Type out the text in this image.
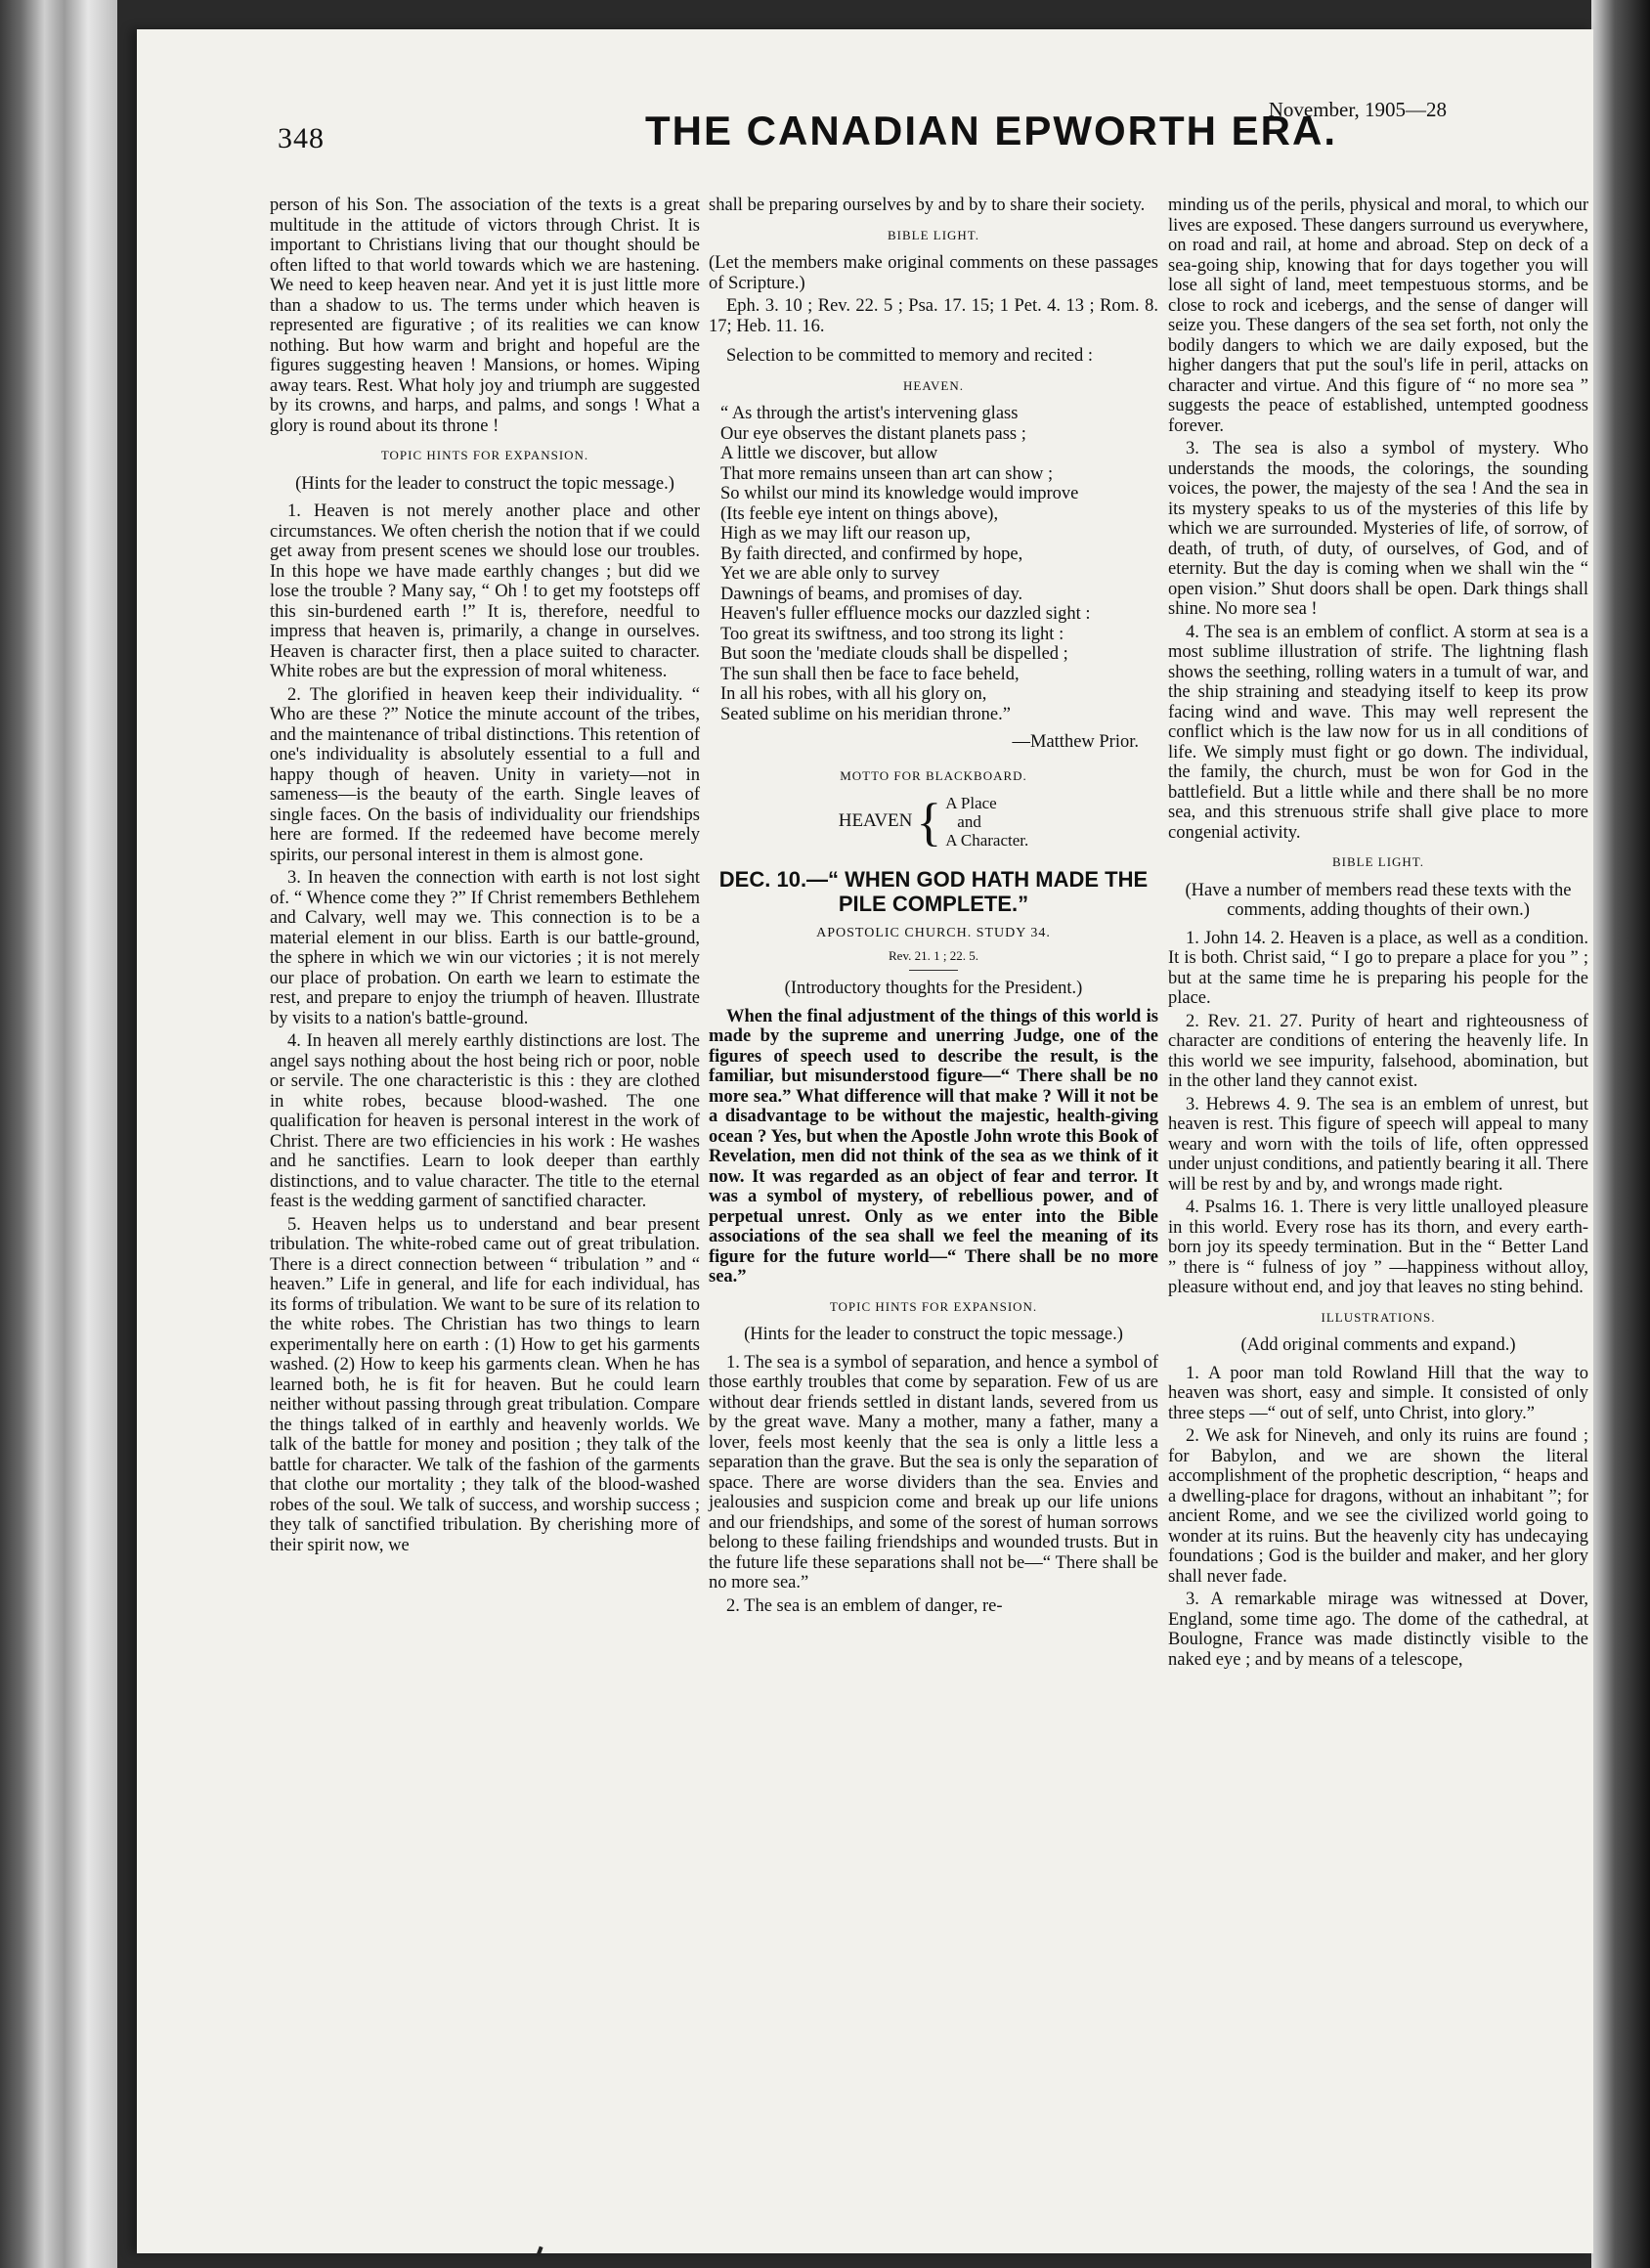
348	THE CANADIAN EPWORTH ERA.
November, 1905—28

person of his Son. The association of the texts is a great multitude in the attitude of victors through Christ. It is important to Christians living that our thought should be often lifted to that world towards which we are hastening. We need to keep heaven near. And yet it is just little more than a shadow to us. The terms under which heaven is represented are figurative ; of its realities we can know nothing. But how warm and bright and hopeful are the figures suggesting heaven ! Mansions, or homes. Wiping away tears. Rest. What holy joy and triumph are suggested by its crowns, and harps, and palms, and songs ! What a glory is round about its throne !

TOPIC HINTS FOR EXPANSION.

(Hints for the leader to construct the topic message.)

1. Heaven is not merely another place and other circumstances. We often cherish the notion that if we could get away from present scenes we should lose our troubles. In this hope we have made earthly changes ; but did we lose the trouble ? Many say, “ Oh ! to get my footsteps off this sin-burdened earth !” It is, therefore, needful to impress that heaven is, primarily, a change in ourselves. Heaven is character first, then a place suited to character. White robes are but the expression of moral whiteness.

2. The glorified in heaven keep their individuality. “ Who are these ?” Notice the minute account of the tribes, and the maintenance of tribal distinctions. This retention of one's individuality is absolutely essential to a full and happy though of heaven. Unity in variety—not in sameness—is the beauty of the earth. Single leaves of single faces. On the basis of individuality our friendships here are formed. If the redeemed have become merely spirits, our personal interest in them is almost gone.

3. In heaven the connection with earth is not lost sight of. “ Whence come they ?” If Christ remembers Bethlehem and Calvary, well may we. This connection is to be a material element in our bliss. Earth is our battle-ground, the sphere in which we win our victories ; it is not merely our place of probation. On earth we learn to estimate the rest, and prepare to enjoy the triumph of heaven. Illustrate by visits to a nation's battle-ground.

4. In heaven all merely earthly distinctions are lost. The angel says nothing about the host being rich or poor, noble or servile. The one characteristic is this : they are clothed in white robes, because blood-washed. The one qualification for heaven is personal interest in the work of Christ. There are two efficiencies in his work : He washes and he sanctifies. Learn to look deeper than earthly distinctions, and to value character. The title to the eternal feast is the wedding garment of sanctified character.

5. Heaven helps us to understand and bear present tribulation. The white-robed came out of great tribulation. There is a direct connection between “ tribulation ” and “ heaven.” Life in general, and life for each individual, has its forms of tribulation. We want to be sure of its relation to the white robes. The Christian has two things to learn experimentally here on earth : (1) How to get his garments washed. (2) How to keep his garments clean. When he has learned both, he is fit for heaven. But he could learn neither without passing through great tribulation. Compare the things talked of in earthly and heavenly worlds. We talk of the battle for money and position ; they talk of the battle for character. We talk of the fashion of the garments that clothe our mortality ; they talk of the blood-washed robes of the soul. We talk of success, and worship success ; they talk of sanctified tribulation. By cherishing more of their spirit now, we

shall be preparing ourselves by and by to share their society.

BIBLE LIGHT.

(Let the members make original comments on these passages of Scripture.)

Eph. 3. 10 ; Rev. 22. 5 ; Psa. 17. 15; 1 Pet. 4. 13 ; Rom. 8. 17; Heb. 11. 16.

Selection to be committed to memory and recited :

HEAVEN.
“ As through the artist's intervening glass
Our eye observes the distant planets pass ;
A little we discover, but allow
That more remains unseen than art can show ;
So whilst our mind its knowledge would improve
(Its feeble eye intent on things above),
High as we may lift our reason up,
By faith directed, and confirmed by hope,
Yet we are able only to survey
Dawnings of beams, and promises of day.
Heaven's fuller effluence mocks our dazzled sight :
Too great its swiftness, and too strong its light :
But soon the 'mediate clouds shall be dispelled ;
The sun shall then be face to face beheld,
In all his robes, with all his glory on,
Seated sublime on his meridian throne.”
—Matthew Prior.
MOTTO FOR BLACKBOARD.
HEAVEN { A Place
and
A Character.
DEC. 10.—“ WHEN GOD HATH MADE THE PILE COMPLETE.”
APOSTOLIC CHURCH. STUDY 34.
Rev. 21. 1 ; 22. 5.

(Introductory thoughts for the President.)

When the final adjustment of the things of this world is made by the supreme and unerring Judge, one of the figures of speech used to describe the result, is the familiar, but misunderstood figure—“ There shall be no more sea.” What difference will that make ? Will it not be a disadvantage to be without the majestic, health-giving ocean ? Yes, but when the Apostle John wrote this Book of Revelation, men did not think of the sea as we think of it now. It was regarded as an object of fear and terror. It was a symbol of mystery, of rebellious power, and of perpetual unrest. Only as we enter into the Bible associations of the sea shall we feel the meaning of its figure for the future world—“ There shall be no more sea.”

TOPIC HINTS FOR EXPANSION.

(Hints for the leader to construct the topic message.)

1. The sea is a symbol of separation, and hence a symbol of those earthly troubles that come by separation. Few of us are without dear friends settled in distant lands, severed from us by the great wave. Many a mother, many a father, many a lover, feels most keenly that the sea is only a little less a separation than the grave. But the sea is only the separation of space. There are worse dividers than the sea. Envies and jealousies and suspicion come and break up our life unions and our friendships, and some of the sorest of human sorrows belong to these failing friendships and wounded trusts. But in the future life these separations shall not be—“ There shall be no more sea.”

2. The sea is an emblem of danger, re-

minding us of the perils, physical and moral, to which our lives are exposed. These dangers surround us everywhere, on road and rail, at home and abroad. Step on deck of a sea-going ship, knowing that for days together you will lose all sight of land, meet tempestuous storms, and be close to rock and icebergs, and the sense of danger will seize you. These dangers of the sea set forth, not only the bodily dangers to which we are daily exposed, but the higher dangers that put the soul's life in peril, attacks on character and virtue. And this figure of “ no more sea ” suggests the peace of established, untempted goodness forever.

3. The sea is also a symbol of mystery. Who understands the moods, the colorings, the sounding voices, the power, the majesty of the sea ! And the sea in its mystery speaks to us of the mysteries of this life by which we are surrounded. Mysteries of life, of sorrow, of death, of truth, of duty, of ourselves, of God, and of eternity. But the day is coming when we shall win the “ open vision.” Shut doors shall be open. Dark things shall shine. No more sea !

4. The sea is an emblem of conflict. A storm at sea is a most sublime illustration of strife. The lightning flash shows the seething, rolling waters in a tumult of war, and the ship straining and steadying itself to keep its prow facing wind and wave. This may well represent the conflict which is the law now for us in all conditions of life. We simply must fight or go down. The individual, the family, the church, must be won for God in the battlefield. But a little while and there shall be no more sea, and this strenuous strife shall give place to more congenial activity.

BIBLE LIGHT.

(Have a number of members read these texts with the comments, adding thoughts of their own.)

1. John 14. 2. Heaven is a place, as well as a condition. It is both. Christ said, “ I go to prepare a place for you ” ; but at the same time he is preparing his people for the place.

2. Rev. 21. 27. Purity of heart and righteousness of character are conditions of entering the heavenly life. In this world we see impurity, falsehood, abomination, but in the other land they cannot exist.

3. Hebrews 4. 9. The sea is an emblem of unrest, but heaven is rest. This figure of speech will appeal to many weary and worn with the toils of life, often oppressed under unjust conditions, and patiently bearing it all. There will be rest by and by, and wrongs made right.

4. Psalms 16. 1. There is very little unalloyed pleasure in this world. Every rose has its thorn, and every earth-born joy its speedy termination. But in the “ Better Land ” there is “ fulness of joy ” —happiness without alloy, pleasure without end, and joy that leaves no sting behind.

ILLUSTRATIONS.

(Add original comments and expand.)

1. A poor man told Rowland Hill that the way to heaven was short, easy and simple. It consisted of only three steps —“ out of self, unto Christ, into glory.”

2. We ask for Nineveh, and only its ruins are found ; for Babylon, and we are shown the literal accomplishment of the prophetic description, “ heaps and a dwelling-place for dragons, without an inhabitant ”; for ancient Rome, and we see the civilized world going to wonder at its ruins. But the heavenly city has undecaying foundations ; God is the builder and maker, and her glory shall never fade.

3. A remarkable mirage was witnessed at Dover, England, some time ago. The dome of the cathedral, at Boulogne, France was made distinctly visible to the naked eye ; and by means of a telescope,
